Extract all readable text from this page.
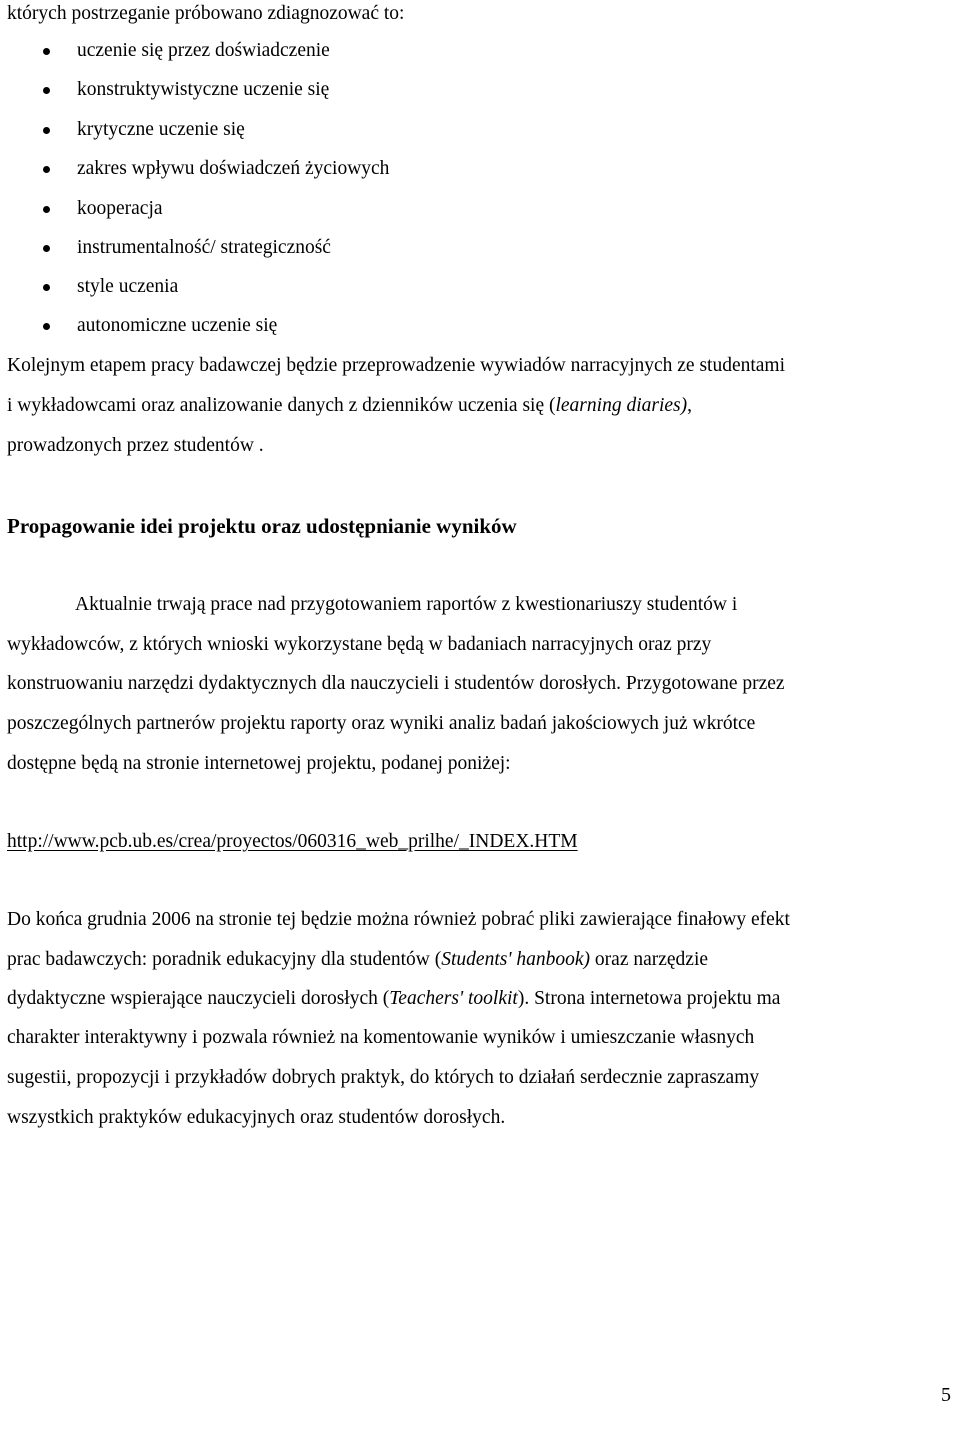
których postrzeganie próbowano zdiagnozować to:
uczenie się przez doświadczenie
konstruktywistyczne uczenie się
krytyczne uczenie się
zakres wpływu doświadczeń życiowych
kooperacja
instrumentalność/ strategiczność
style uczenia
autonomiczne uczenie się
Kolejnym etapem pracy badawczej będzie przeprowadzenie wywiadów narracyjnych ze studentami
i wykładowcami oraz analizowanie danych z dzienników uczenia się (learning diaries),
prowadzonych przez studentów .
Propagowanie idei projektu oraz udostępnianie wyników
Aktualnie trwają prace nad przygotowaniem raportów z kwestionariuszy studentów i
wykładowców, z których wnioski wykorzystane będą w badaniach narracyjnych oraz przy
konstruowaniu narzędzi dydaktycznych dla nauczycieli i studentów dorosłych. Przygotowane przez
poszczególnych partnerów projektu raporty oraz wyniki analiz badań jakościowych już wkrótce
dostępne będą na stronie internetowej projektu, podanej poniżej:
http://www.pcb.ub.es/crea/proyectos/060316_web_prilhe/_INDEX.HTM
Do końca grudnia 2006 na stronie tej będzie można również pobrać pliki zawierające finałowy efekt
prac badawczych: poradnik edukacyjny dla studentów (Students' hanbook) oraz narzędzie
dydaktyczne wspierające nauczycieli dorosłych (Teachers' toolkit). Strona internetowa projektu ma
charakter interaktywny i pozwala również na komentowanie wyników i umieszczanie własnych
sugestii, propozycji i przykładów dobrych praktyk, do których to działań serdecznie zapraszamy
wszystkich praktyków edukacyjnych oraz studentów dorosłych.
5
